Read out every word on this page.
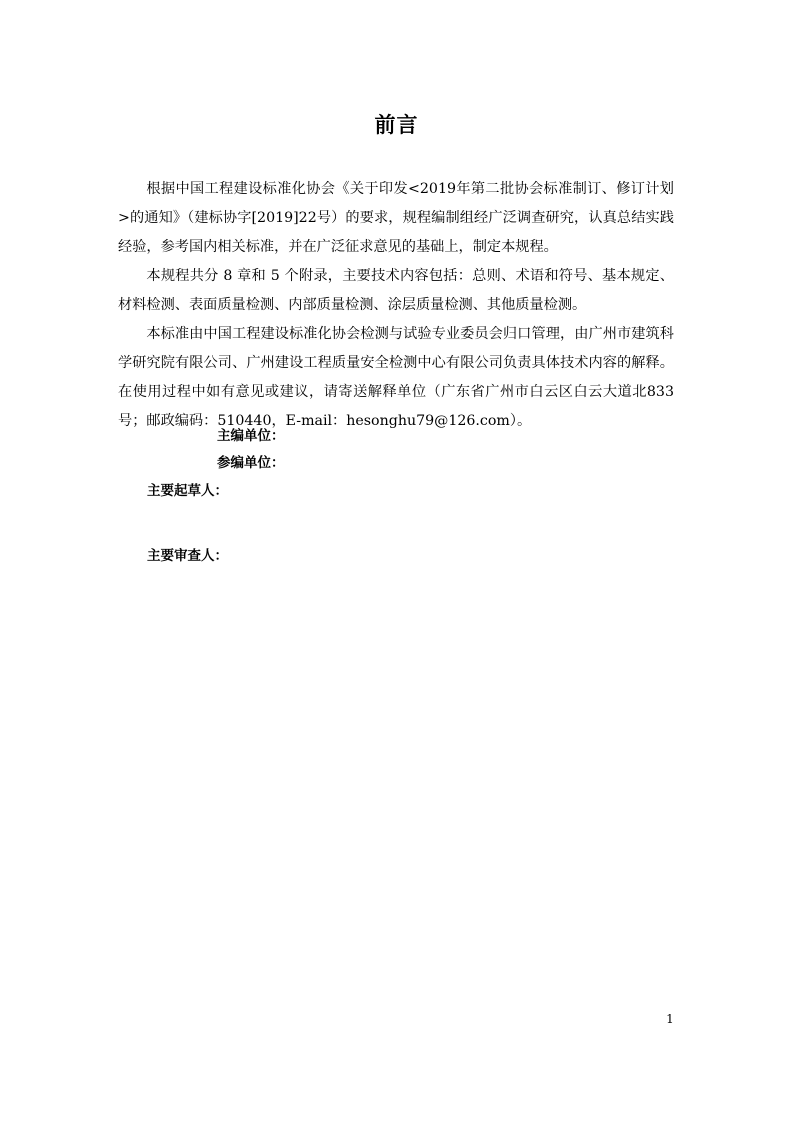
前言
根据中国工程建设标准化协会《关于印发<2019年第二批协会标准制订、修订计划>的通知》（建标协字[2019]22号）的要求，规程编制组经广泛调查研究，认真总结实践经验，参考国内相关标准，并在广泛征求意见的基础上，制定本规程。
本规程共分 8 章和 5 个附录，主要技术内容包括：总则、术语和符号、基本规定、材料检测、表面质量检测、内部质量检测、涂层质量检测、其他质量检测。
本标准由中国工程建设标准化协会检测与试验专业委员会归口管理，由广州市建筑科学研究院有限公司、广州建设工程质量安全检测中心有限公司负责具体技术内容的解释。在使用过程中如有意见或建议，请寄送解释单位（广东省广州市白云区白云大道北833号；邮政编码：510440，E-mail：hesonghu79@126.com）。
主编单位：
参编单位：
主要起草人：
主要审查人：
1
